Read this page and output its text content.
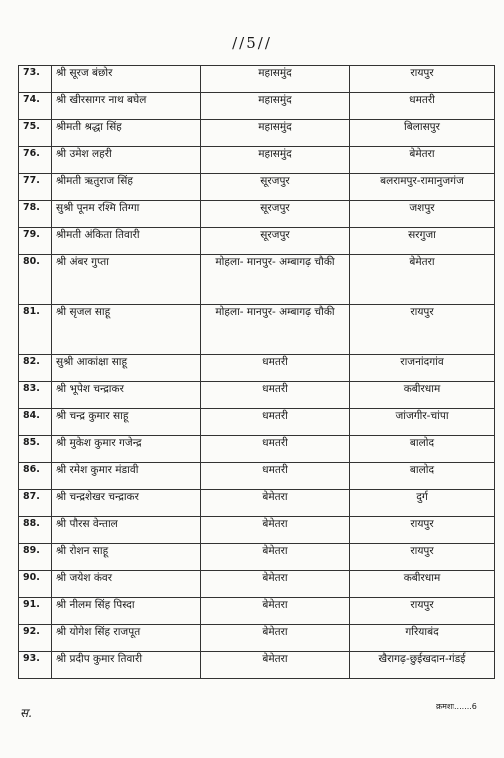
//5//
73.	श्री सूरज बंछोर	महासमुंद	रायपुर
74.	श्री खीरसागर नाथ बघेल	महासमुंद	धमतरी
75.	श्रीमती श्रद्धा सिंह	महासमुंद	बिलासपुर
76.	श्री उमेश लहरी	महासमुंद	बेमेतरा
77.	श्रीमती ऋतुराज सिंह	सूरजपुर	बलरामपुर-रामानुजगंज
78.	सुश्री पूनम रश्मि तिग्गा	सूरजपुर	जशपुर
79.	श्रीमती अंकिता तिवारी	सूरजपुर	सरगुजा
80.	श्री अंबर गुप्ता	मोहला- मानपुर- अम्बागढ़ चौकी	बेमेतरा
81.	श्री सृजल साहू	मोहला- मानपुर- अम्बागढ़ चौकी	रायपुर
82.	सुश्री आकांक्षा साहू	धमतरी	राजनांदगांव
83.	श्री भूपेश चन्द्राकर	धमतरी	कबीरधाम
84.	श्री चन्द्र कुमार साहू	धमतरी	जांजगीर-चांपा
85.	श्री मुकेश कुमार गजेन्द्र	धमतरी	बालोद
86.	श्री रमेश कुमार मंडावी	धमतरी	बालोद
87.	श्री चन्द्रशेखर चन्द्राकर	बेमेतरा	दुर्ग
88.	श्री पौरस वेन्ताल	बेमेतरा	रायपुर
89.	श्री रोशन साहू	बेमेतरा	रायपुर
90.	श्री जयेश कंवर	बेमेतरा	कबीरधाम
91.	श्री नीलम सिंह पिस्दा	बेमेतरा	रायपुर
92.	श्री योगेश सिंह राजपूत	बेमेतरा	गरियाबंद
93.	श्री प्रदीप कुमार तिवारी	बेमेतरा	खैरागढ़-छुईखदान-गंडई
स.	क्रमशः.......6
